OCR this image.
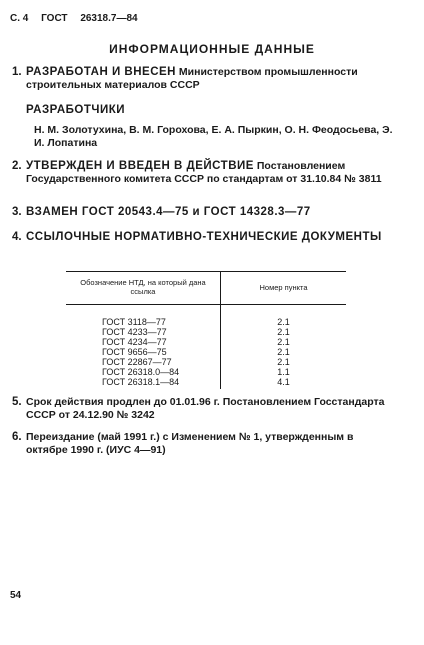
С. 4 ГОСТ 26318.7—84
ИНФОРМАЦИОННЫЕ ДАННЫЕ
1. РАЗРАБОТАН И ВНЕСЕН Министерством промышленности строительных материалов СССР
РАЗРАБОТЧИКИ
Н. М. Золотухина, В. М. Горохова, Е. А. Пыркин, О. Н. Феодосьева, Э. И. Лопатина
2. УТВЕРЖДЕН И ВВЕДЕН В ДЕЙСТВИЕ Постановлением Государственного комитета СССР по стандартам от 31.10.84 № 3811
3. ВЗАМЕН ГОСТ 20543.4—75 и ГОСТ 14328.3—77
4. ССЫЛОЧНЫЕ НОРМАТИВНО-ТЕХНИЧЕСКИЕ ДОКУМЕНТЫ
Обозначение НТД, на который дана ссылка	Номер пункта
ГОСТ 3118—77	2.1
ГОСТ 4233—77	2.1
ГОСТ 4234—77	2.1
ГОСТ 9656—75	2.1
ГОСТ 22867—77	2.1
ГОСТ 26318.0—84	1.1
ГОСТ 26318.1—84	4.1
5. Срок действия продлен до 01.01.96 г. Постановлением Госстандарта СССР от 24.12.90 № 3242
6. Переиздание (май 1991 г.) с Изменением № 1, утвержденным в октябре 1990 г. (ИУС 4—91)
54
